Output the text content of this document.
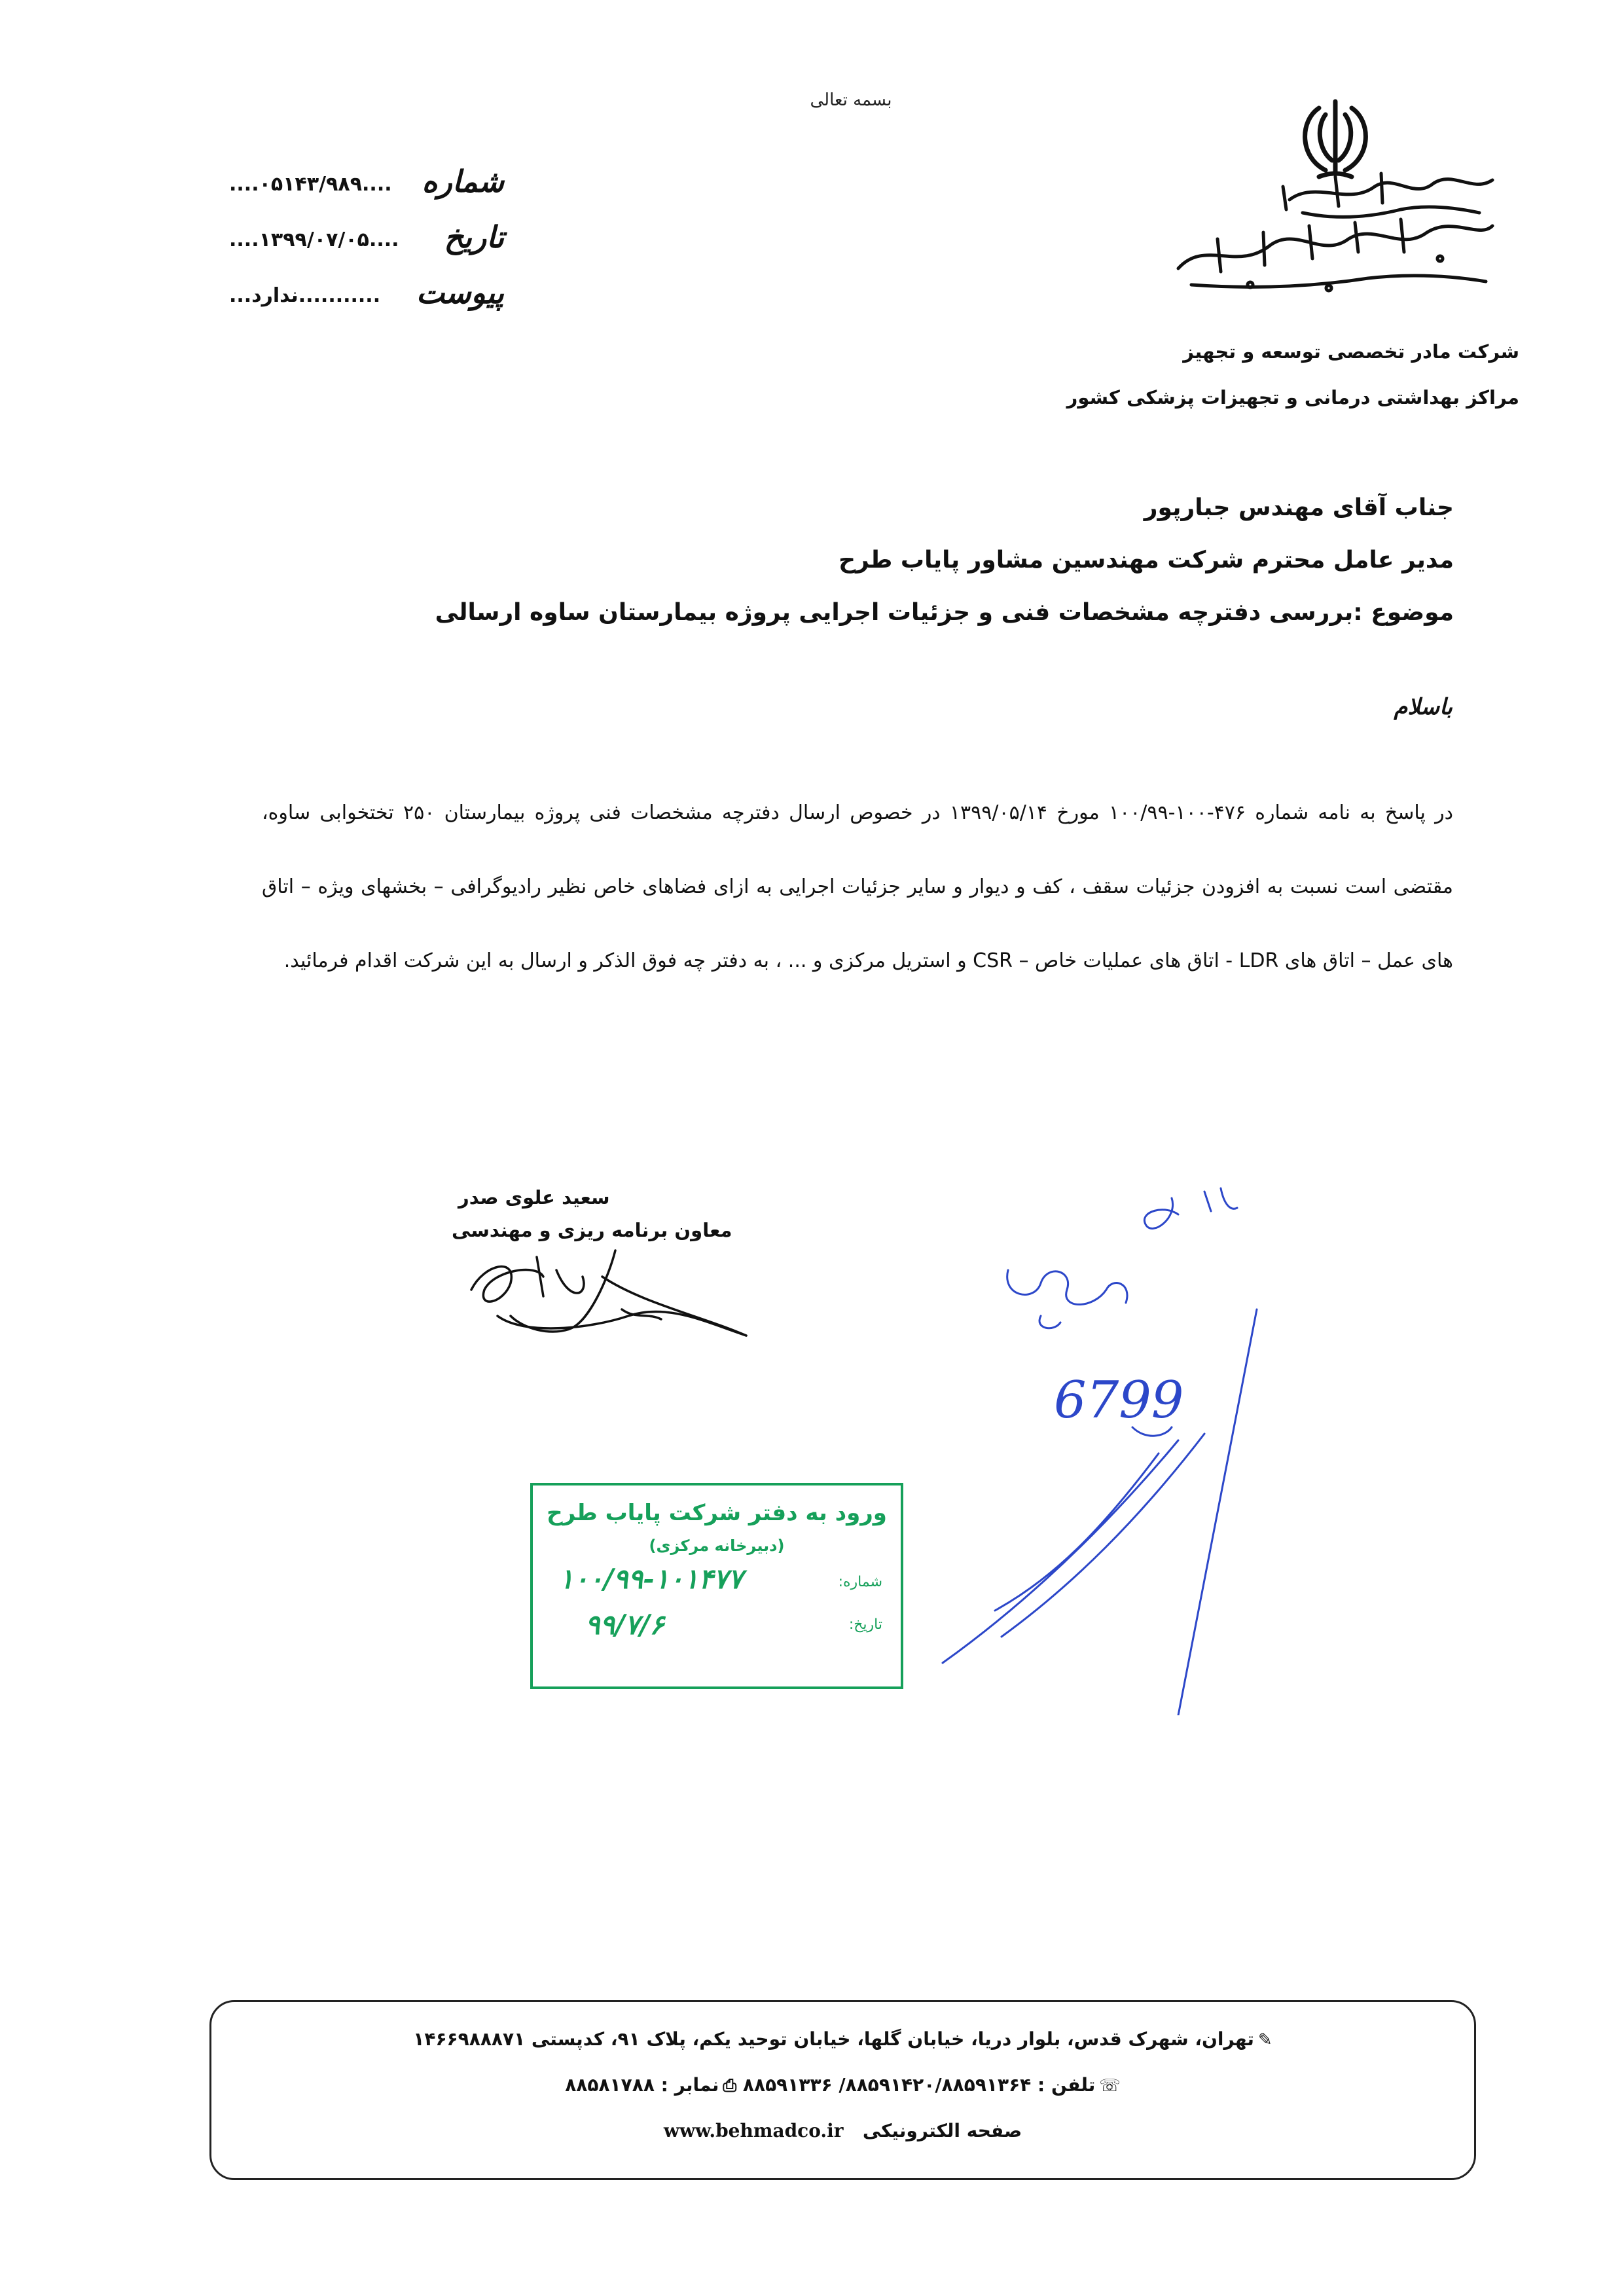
بسمه تعالی
شرکت مادر تخصصی توسعه و تجهیز
مراکز بهداشتی درمانی و تجهیزات پزشکی کشور
شماره
....۰۵۱۴۳/۹۸۹....
تاریخ
....۱۳۹۹/۰۷/۰۵....
پیوست
...........ندارد...
جناب آقای مهندس جبارپور
مدیر عامل محترم شرکت مهندسین مشاور پایاب طرح
موضوع :بررسی دفترچه مشخصات فنی و جزئیات اجرایی پروژه بیمارستان ساوه ارسالی
باسلام
در پاسخ به نامه شماره ۴۷۶-۱۰۰-۱۰۰/۹۹ مورخ ۱۳۹۹/۰۵/۱۴ در خصوص ارسال دفترچه مشخصات فنی پروژه بیمارستان ۲۵۰ تختخوابی ساوه، مقتضی است نسبت به افزودن جزئیات سقف ، کف و دیوار و سایر جزئیات اجرایی به ازای فضاهای خاص نظیر رادیوگرافی – بخشهای ویژه – اتاق های عمل – اتاق های LDR - اتاق های عملیات خاص – CSR و استریل مرکزی و ... ، به دفتر چه فوق الذکر و ارسال به این شرکت اقدام فرمائید.
سعید علوی صدر
معاون برنامه ریزی و مهندسی
6799
ورود به دفتر شرکت پایاب طرح
(دبیرخانه مرکزی)
شماره:
۱۰۰/۹۹-۱۰۱۴۷۷
تاریخ:
۹۹/۷/۶
✎تهران، شهرک قدس، بلوار دریا، خیابان گلها، خیابان توحید یکم، پلاک ۹۱، کدپستی ۱۴۶۶۹۸۸۸۷۱
☏تلفن : ۸۸۵۹۱۴۲۰/۸۸۵۹۱۳۶۴/ ۸۸۵۹۱۳۳۶ ⎙نمابر : ۸۸۵۸۱۷۸۸
صفحه الکترونیکی   www.behmadco.ir
